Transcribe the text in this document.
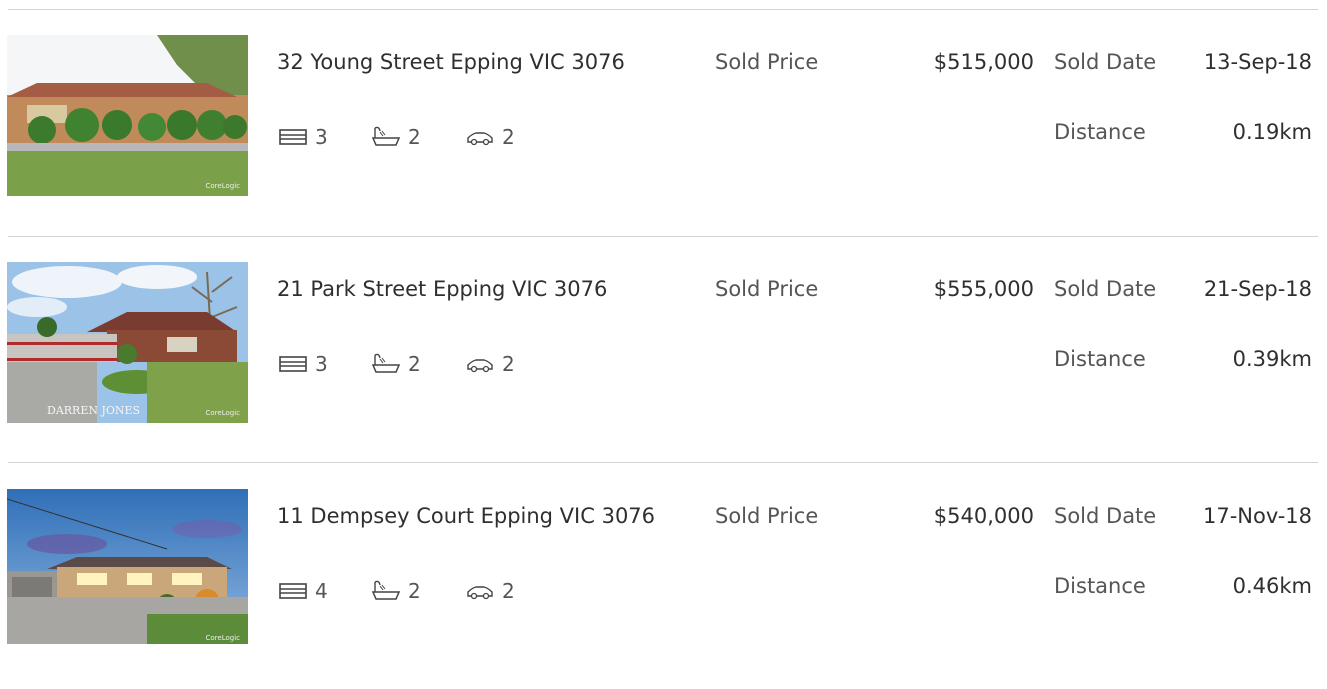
CoreLogic
32 Young Street Epping VIC 3076	Sold Price	$515,000 Sold Date 13-Sep-18
Distance	0.19km
3	2	2
DARREN JONES	CoreLogic
21 Park Street Epping VIC 3076	Sold Price	$555,000 Sold Date 21-Sep-18
Distance	0.39km
3	2	2
CoreLogic
11 Dempsey Court Epping VIC 3076	Sold Price	$540,000 Sold Date 17-Nov-18
Distance	0.46km
4	2	2
